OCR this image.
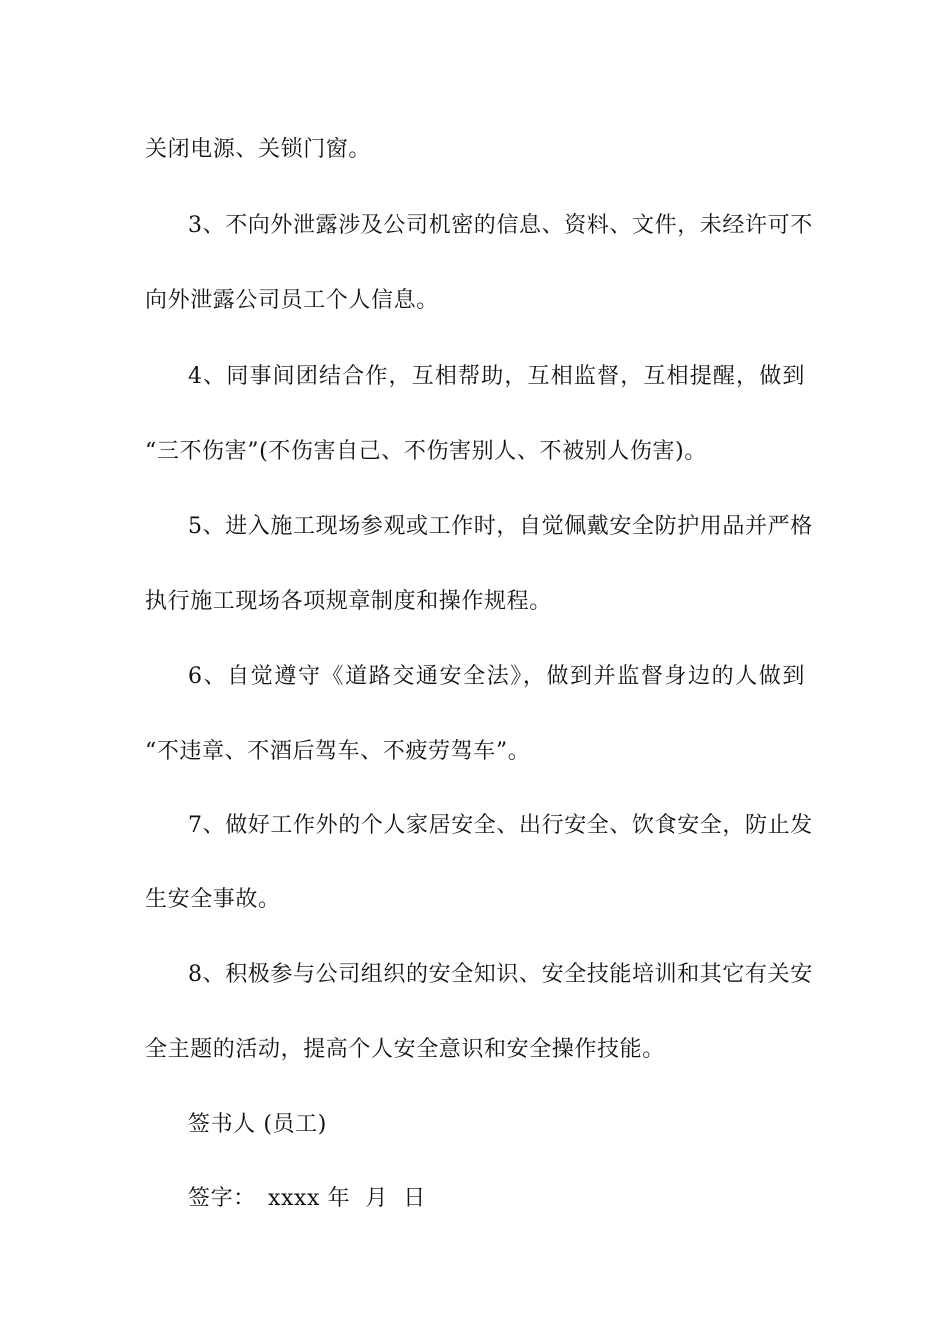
关闭电源、关锁门窗。
3、不向外泄露涉及公司机密的信息、资料、文件，未经许可不
向外泄露公司员工个人信息。
4、同事间团结合作，互相帮助，互相监督，互相提醒，做到
“三不伤害”(不伤害自己、不伤害别人、不被别人伤害)。
5、进入施工现场参观或工作时，自觉佩戴安全防护用品并严格
执行施工现场各项规章制度和操作规程。
6、自觉遵守《道路交通安全法》，做到并监督身边的人做到
“不违章、不酒后驾车、不疲劳驾车”。
7、做好工作外的个人家居安全、出行安全、饮食安全，防止发
生安全事故。
8、积极参与公司组织的安全知识、安全技能培训和其它有关安
全主题的活动，提高个人安全意识和安全操作技能。
签书人 (员工)
签字： xxxx 年  月  日
